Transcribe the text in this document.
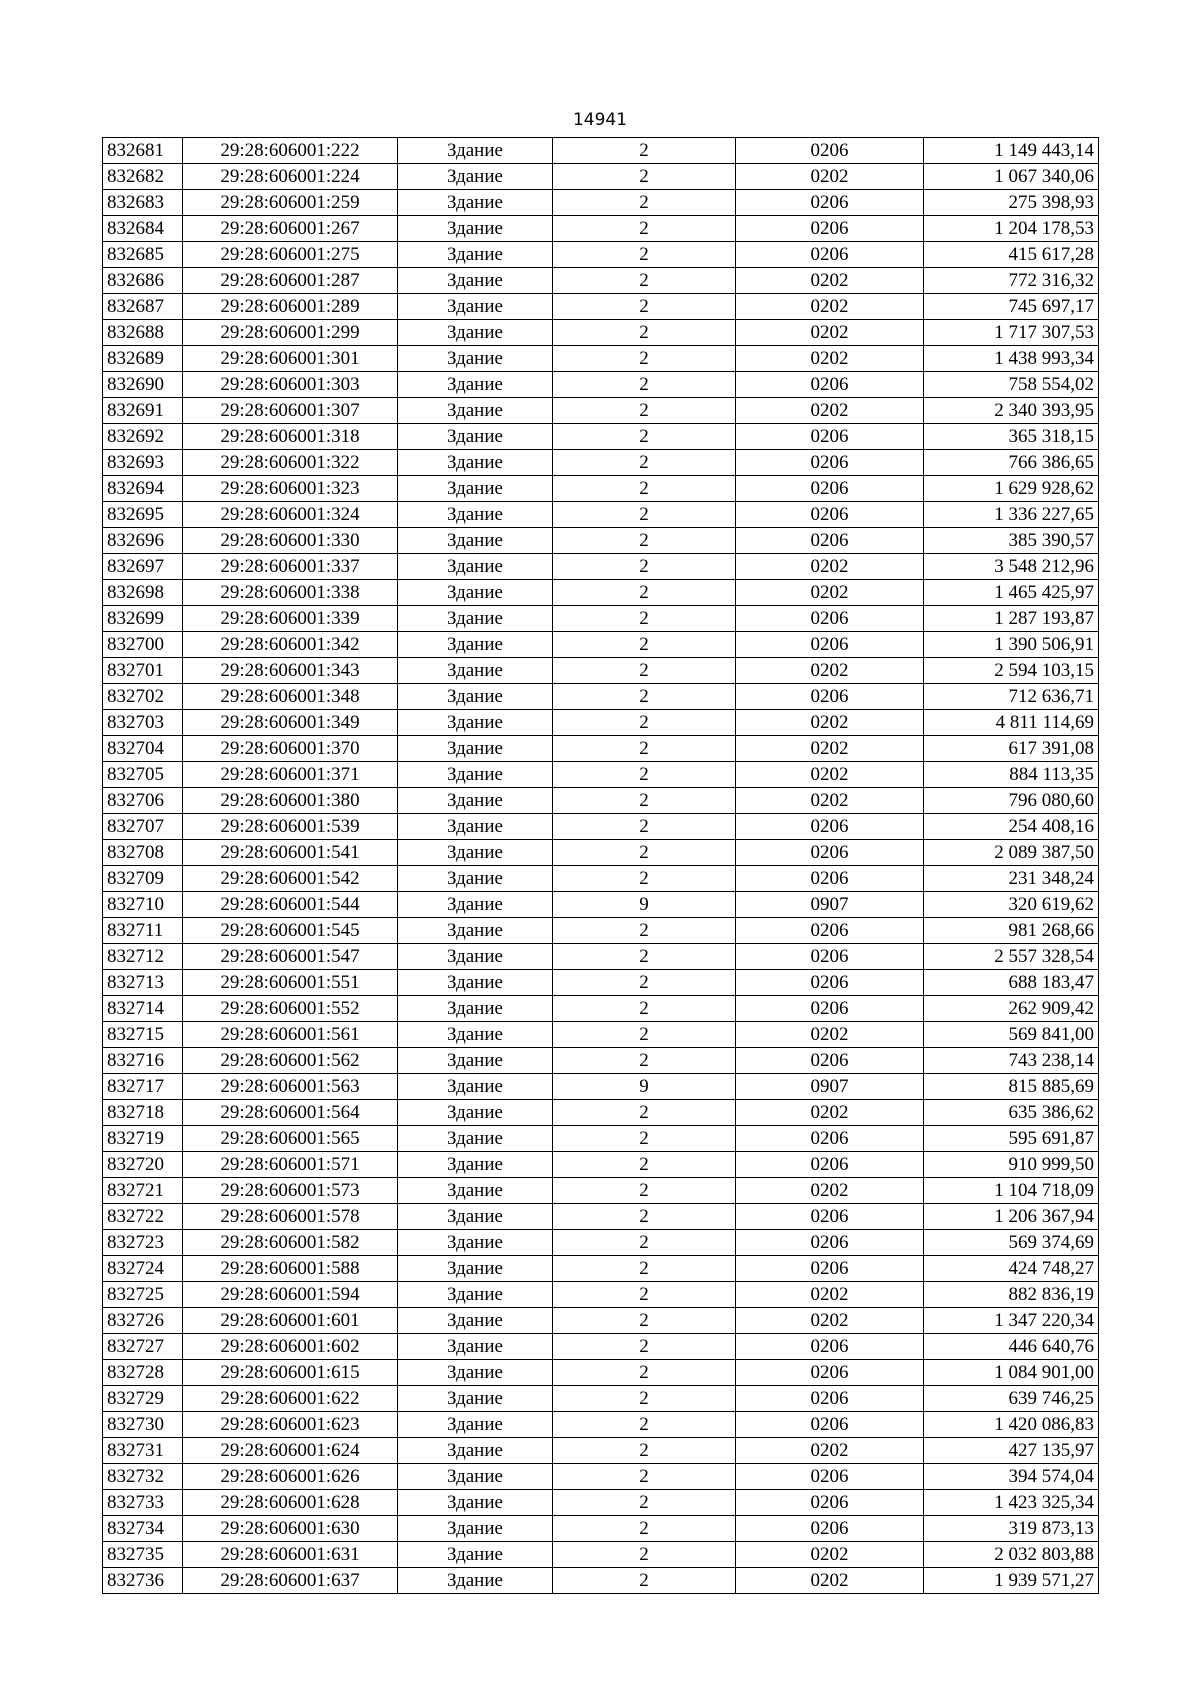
14941
832681	29:28:606001:222	Здание	2	0206	1 149 443,14
832682	29:28:606001:224	Здание	2	0202	1 067 340,06
832683	29:28:606001:259	Здание	2	0206	275 398,93
832684	29:28:606001:267	Здание	2	0206	1 204 178,53
832685	29:28:606001:275	Здание	2	0206	415 617,28
832686	29:28:606001:287	Здание	2	0202	772 316,32
832687	29:28:606001:289	Здание	2	0202	745 697,17
832688	29:28:606001:299	Здание	2	0202	1 717 307,53
832689	29:28:606001:301	Здание	2	0202	1 438 993,34
832690	29:28:606001:303	Здание	2	0206	758 554,02
832691	29:28:606001:307	Здание	2	0202	2 340 393,95
832692	29:28:606001:318	Здание	2	0206	365 318,15
832693	29:28:606001:322	Здание	2	0206	766 386,65
832694	29:28:606001:323	Здание	2	0206	1 629 928,62
832695	29:28:606001:324	Здание	2	0206	1 336 227,65
832696	29:28:606001:330	Здание	2	0206	385 390,57
832697	29:28:606001:337	Здание	2	0202	3 548 212,96
832698	29:28:606001:338	Здание	2	0202	1 465 425,97
832699	29:28:606001:339	Здание	2	0206	1 287 193,87
832700	29:28:606001:342	Здание	2	0206	1 390 506,91
832701	29:28:606001:343	Здание	2	0202	2 594 103,15
832702	29:28:606001:348	Здание	2	0206	712 636,71
832703	29:28:606001:349	Здание	2	0202	4 811 114,69
832704	29:28:606001:370	Здание	2	0202	617 391,08
832705	29:28:606001:371	Здание	2	0202	884 113,35
832706	29:28:606001:380	Здание	2	0202	796 080,60
832707	29:28:606001:539	Здание	2	0206	254 408,16
832708	29:28:606001:541	Здание	2	0206	2 089 387,50
832709	29:28:606001:542	Здание	2	0206	231 348,24
832710	29:28:606001:544	Здание	9	0907	320 619,62
832711	29:28:606001:545	Здание	2	0206	981 268,66
832712	29:28:606001:547	Здание	2	0206	2 557 328,54
832713	29:28:606001:551	Здание	2	0206	688 183,47
832714	29:28:606001:552	Здание	2	0206	262 909,42
832715	29:28:606001:561	Здание	2	0202	569 841,00
832716	29:28:606001:562	Здание	2	0206	743 238,14
832717	29:28:606001:563	Здание	9	0907	815 885,69
832718	29:28:606001:564	Здание	2	0202	635 386,62
832719	29:28:606001:565	Здание	2	0206	595 691,87
832720	29:28:606001:571	Здание	2	0206	910 999,50
832721	29:28:606001:573	Здание	2	0202	1 104 718,09
832722	29:28:606001:578	Здание	2	0206	1 206 367,94
832723	29:28:606001:582	Здание	2	0206	569 374,69
832724	29:28:606001:588	Здание	2	0206	424 748,27
832725	29:28:606001:594	Здание	2	0202	882 836,19
832726	29:28:606001:601	Здание	2	0202	1 347 220,34
832727	29:28:606001:602	Здание	2	0206	446 640,76
832728	29:28:606001:615	Здание	2	0206	1 084 901,00
832729	29:28:606001:622	Здание	2	0206	639 746,25
832730	29:28:606001:623	Здание	2	0206	1 420 086,83
832731	29:28:606001:624	Здание	2	0202	427 135,97
832732	29:28:606001:626	Здание	2	0206	394 574,04
832733	29:28:606001:628	Здание	2	0206	1 423 325,34
832734	29:28:606001:630	Здание	2	0206	319 873,13
832735	29:28:606001:631	Здание	2	0202	2 032 803,88
832736	29:28:606001:637	Здание	2	0202	1 939 571,27
